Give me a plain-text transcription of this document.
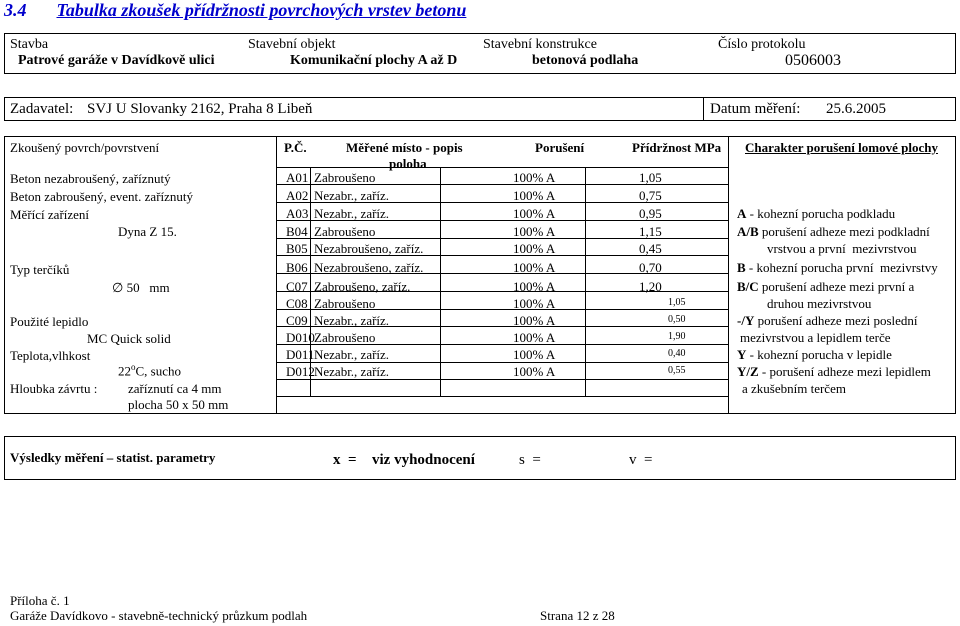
3.4 Tabulka zkoušek přídržnosti povrchových vrstev betonu
Stavba
Patrové garáže v Davídkově ulici
Stavební objekt
Komunikační plochy A až D
Stavební konstrukce
betonová podlaha
Číslo protokolu
0506003
Zadavatel: SVJ U Slovanky 2162, Praha 8 Libeň	Datum měření: 25.6.2005
Zkoušený povrch/povrstvení
Beton nezabroušený, zaříznutý
Beton zabroušený, event. zaříznutý
Měřící zařízení
Dyna Z 15.
Typ terčíků
∅ 50   mm
Použité lepidlo
MC Quick solid
Teplota,vlhkost
22$^o$C, sucho
Hloubka závrtu : zaříznutí ca 4 mm
plocha 50 x 50 mm
P.Č.	Měřené místo - popis
poloha
Porušení	Přídržnost MPa
A01 Zabroušeno	100% A	1,05
A02 Nezabr., zaříz.	100% A	0,75
A03 Nezabr., zaříz.	100% A	0,95
B04 Zabroušeno	100% A	1,15
B05 Nezabroušeno, zaříz.	100% A	0,45
B06 Nezabroušeno, zaříz.	100% A	0,70
C07 Zabroušeno, zaříz.	100% A	1,20
C08 Zabroušeno	100% A	1,05
C09 Nezabr., zaříz.	100% A	0,50
D010 Zabroušeno	100% A	1,90
D011 Nezabr., zaříz.	100% A	0,40
D012 Nezabr., zaříz.	100% A	0,55
Charakter porušení lomové plochy
A - kohezní porucha podkladu
A/B porušení adheze mezi podkladní
vrstvou a první  mezivrstvou
B - kohezní porucha první  mezivrstvy
B/C porušení adheze mezi první a
druhou mezivrstvou
-/Y porušení adheze mezi poslední
mezivrstvou a lepidlem terče
Y - kohezní porucha v lepidle
Y/Z - porušení adheze mezi lepidlem
a zkušebním terčem
Výsledky měření – statist. parametry	x  = viz vyhodnocení	s  =	v  =
Příloha č. 1
Garáže Davídkovo - stavebně-technický průzkum podlah	Strana 12 z 28
